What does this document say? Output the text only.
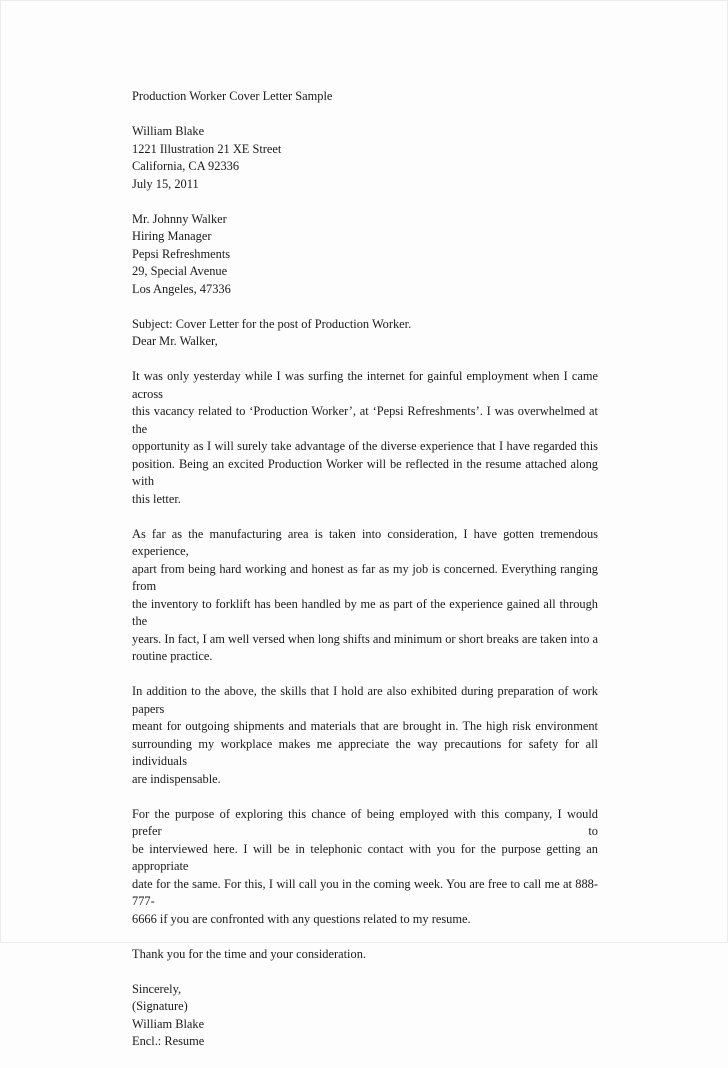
Production Worker Cover Letter Sample
William Blake
1221 Illustration 21 XE Street
California, CA 92336
July 15, 2011
Mr. Johnny Walker
Hiring Manager
Pepsi Refreshments
29, Special Avenue
Los Angeles, 47336
Subject: Cover Letter for the post of Production Worker.
Dear Mr. Walker,
It was only yesterday while I was surfing the internet for gainful employment when I came across
this vacancy related to ‘Production Worker’, at ‘Pepsi Refreshments’. I was overwhelmed at the
opportunity as I will surely take advantage of the diverse experience that I have regarded this
position. Being an excited Production Worker will be reflected in the resume attached along with
this letter.
As far as the manufacturing area is taken into consideration, I have gotten tremendous experience,
apart from being hard working and honest as far as my job is concerned. Everything ranging from
the inventory to forklift has been handled by me as part of the experience gained all through the
years. In fact, I am well versed when long shifts and minimum or short breaks are taken into a
routine practice.
In addition to the above, the skills that I hold are also exhibited during preparation of work papers
meant for outgoing shipments and materials that are brought in. The high risk environment
surrounding my workplace makes me appreciate the way precautions for safety for all individuals
are indispensable.
For the purpose of exploring this chance of being employed with this company, I would prefer to
be interviewed here. I will be in telephonic contact with you for the purpose getting an appropriate
date for the same. For this, I will call you in the coming week. You are free to call me at 888-777-
6666 if you are confronted with any questions related to my resume.
Thank you for the time and your consideration.
Sincerely,
(Signature)
William Blake
Encl.: Resume
